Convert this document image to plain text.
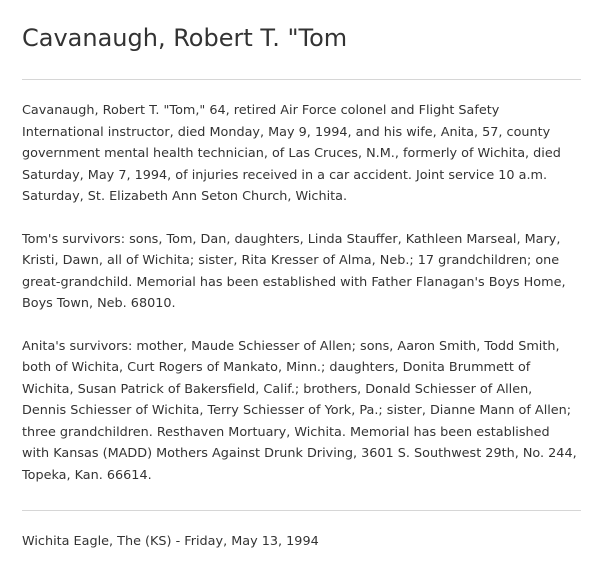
Cavanaugh, Robert T. "Tom

Cavanaugh, Robert T. "Tom," 64, retired Air Force colonel and Flight Safety International instructor, died Monday, May 9, 1994, and his wife, Anita, 57, county government mental health technician, of Las Cruces, N.M., formerly of Wichita, died Saturday, May 7, 1994, of injuries received in a car accident. Joint service 10 a.m. Saturday, St. Elizabeth Ann Seton Church, Wichita.

Tom's survivors: sons, Tom, Dan, daughters, Linda Stauffer, Kathleen Marseal, Mary, Kristi, Dawn, all of Wichita; sister, Rita Kresser of Alma, Neb.; 17 grandchildren; one great-grandchild. Memorial has been established with Father Flanagan's Boys Home, Boys Town, Neb. 68010.

Anita's survivors: mother, Maude Schiesser of Allen; sons, Aaron Smith, Todd Smith, both of Wichita, Curt Rogers of Mankato, Minn.; daughters, Donita Brummett of Wichita, Susan Patrick of Bakersfield, Calif.; brothers, Donald Schiesser of Allen, Dennis Schiesser of Wichita, Terry Schiesser of York, Pa.; sister, Dianne Mann of Allen; three grandchildren. Resthaven Mortuary, Wichita. Memorial has been established with Kansas (MADD) Mothers Against Drunk Driving, 3601 S. Southwest 29th, No. 244, Topeka, Kan. 66614.

Wichita Eagle, The (KS) - Friday, May 13, 1994
